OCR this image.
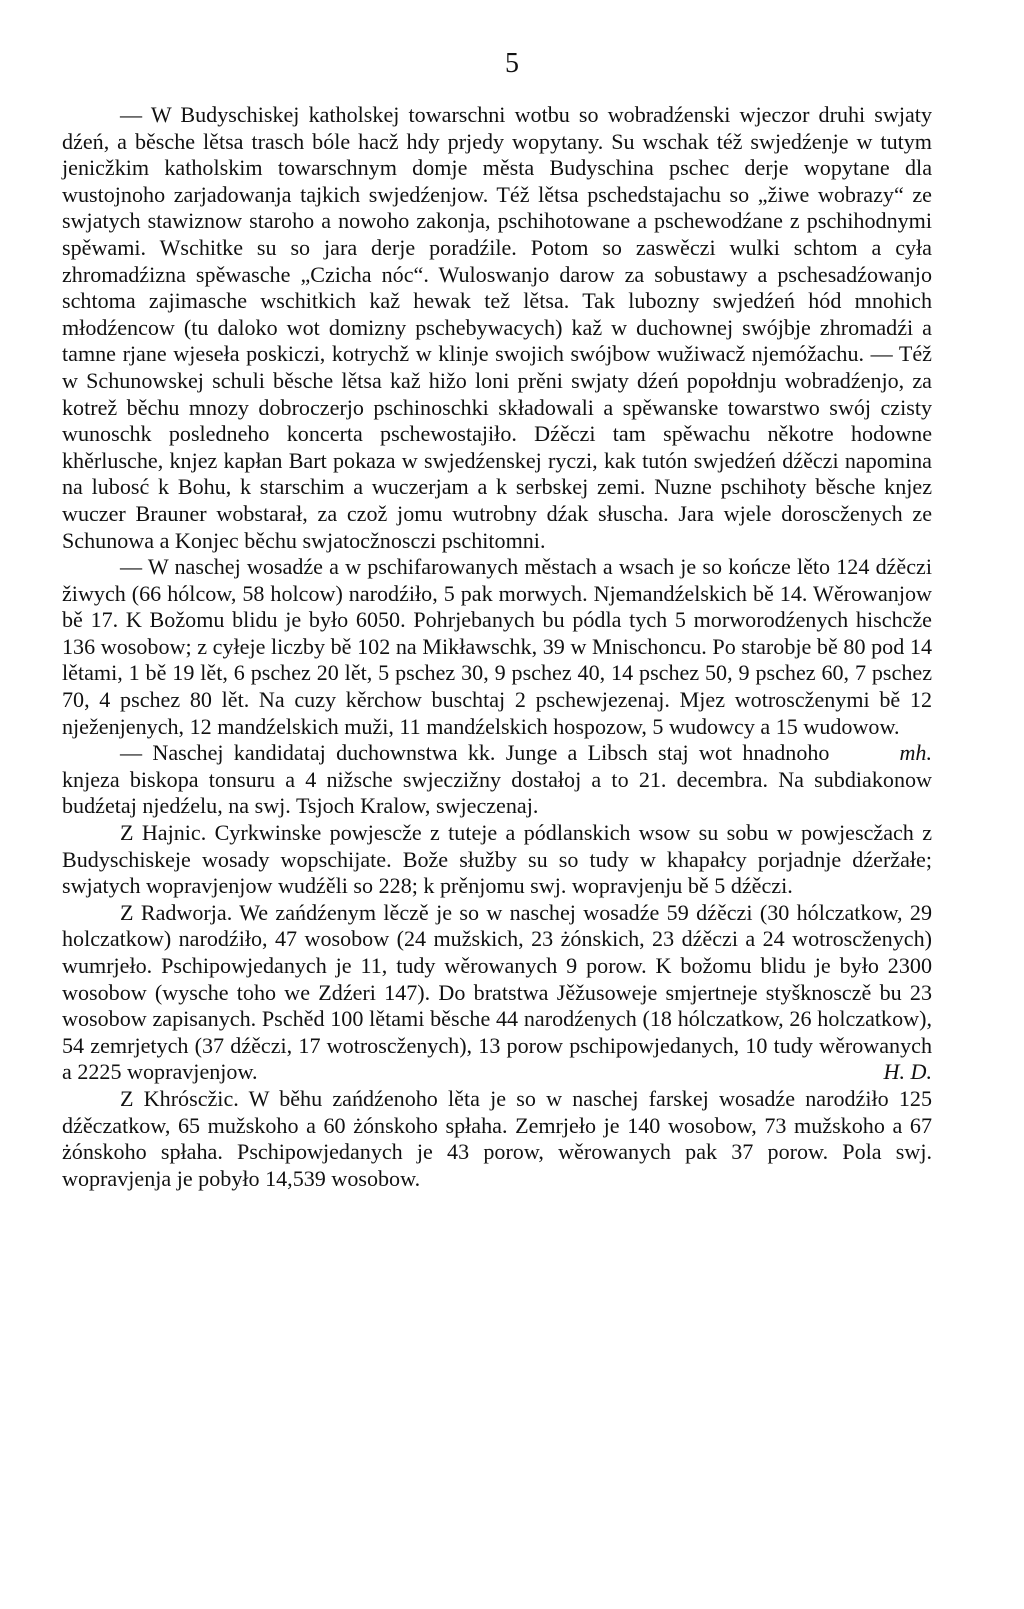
5

— W Budyschiskej katholskej towarschni wotbu so wobradźenski wjeczor druhi swjaty dźeń, a běsche lětsa trasch bóle hacž hdy prjedy wopytany. Su wschak též swjedźenje w tutym jenicžkim katholskim towarschnym domje města Budyschina pschec derje wopytane dla wustojnoho zarjadowanja tajkich swjedźenjow. Též lětsa pschedstajachu so „žiwe wobrazy“ ze swjatych stawiznow staroho a nowoho zakonja, pschihotowane a pschewodźane z pschihodnymi spěwami. Wschitke su so jara derje poradźile. Potom so zaswěczi wulki schtom a cyła zhromadźizna spěwasche „Czicha nóc“. Wuloswanjo darow za sobustawy a pschesadźowanjo schtoma zajimasche wschitkich kaž hewak tež lětsa. Tak lubozny swjedźeń hód mnohich młodźencow (tu daloko wot domizny pschebywacych) kaž w duchownej swójbje zhromadźi a tamne rjane wjeseła poskiczi, kotrychž w klinje swojich swójbow wužiwacž njemóžachu. — Též w Schunowskej schuli běsche lětsa kaž hižo loni prěni swjaty dźeń popołdnju wobradźenjo, za kotrež běchu mnozy dobroczerjo pschinoschki składowali a spěwanske towarstwo swój czisty wunoschk posledneho koncerta pschewostajiło. Dźěczi tam spěwachu někotre hodowne khěrlusche, knjez kapłan Bart pokaza w swjedźenskej ryczi, kak tutón swjedźeń dźěczi napomina na lubosć k Bohu, k starschim a wuczerjam a k serbskej zemi. Nuzne pschihoty běsche knjez wuczer Brauner wobstarał, za czož jomu wutrobny dźak słuscha. Jara wjele doroscženych ze Schunowa a Konjec běchu swjatocžnosczi pschitomni.

— W naschej wosadźe a w pschifarowanych městach a wsach je so kończe lěto 124 dźěczi žiwych (66 hólcow, 58 holcow) narodźiło, 5 pak morwych. Njemandźelskich bě 14. Wěrowanjow bě 17. K Božomu blidu je było 6050. Pohrjebanych bu pódla tych 5 morworodźenych hischcže 136 wosobow; z cyłeje liczby bě 102 na Mikławschk, 39 w Mnischoncu. Po starobje bě 80 pod 14 lětami, 1 bě 19 lět, 6 pschez 20 lět, 5 pschez 30, 9 pschez 40, 14 pschez 50, 9 pschez 60, 7 pschez 70, 4 pschez 80 lět. Na cuzy kěrchow buschtaj 2 pschewjezenaj. Mjez wotroscženymi bě 12 nježenjenych, 12 mandźelskich muži, 11 mandźelskich hospozow, 5 wudowcy a 15 wudowow.
mh.

— Naschej kandidataj duchownstwa kk. Junge a Libsch staj wot hnadnoho knjeza biskopa tonsuru a 4 nižsche swjeczižny dostałoj a to 21. decembra. Na subdiakonow budźetaj njedźelu, na swj. Tsjoch Kralow, swjeczenaj.

Z Hajnic. Cyrkwinske powjescže z tuteje a pódlanskich wsow su sobu w powjescžach z Budyschiskeje wosady wopschijate. Bože słužby su so tudy w khapałcy porjadnje dźeržałe; swjatych wopravjenjow wudźěli so 228; k prěnjomu swj. wopravjenju bě 5 dźěczi.

Z Radworja. We zańdźenym lěczě je so w naschej wosadźe 59 dźěczi (30 hólczatkow, 29 holczatkow) narodźiło, 47 wosobow (24 mužskich, 23 żónskich, 23 dźěczi a 24 wotroscženych) wumrjeło. Pschipowjedanych je 11, tudy wěrowanych 9 porow. K božomu blidu je było 2300 wosobow (wysche toho we Zdźeri 147). Do bratstwa Jěžusoweje smjertneje styšknosczě bu 23 wosobow zapisanych. Pschěd 100 lětami běsche 44 narodźenych (18 hólczatkow, 26 holczatkow), 54 zemrjetych (37 dźěczi, 17 wotroscženych), 13 porow pschipowjedanych, 10 tudy wěrowanych a 2225 wopravjenjow.	H. D.

Z Khróscžic. W běhu zańdźenoho lěta je so w naschej farskej wosadźe narodźiło 125 dźěczatkow, 65 mužskoho a 60 żónskoho spłaha. Zemrjeło je 140 wosobow, 73 mužskoho a 67 żónskoho spłaha. Pschipowjedanych je 43 porow, wěrowanych pak 37 porow. Pola swj. wopravjenja je pobyło 14,539 wosobow.
